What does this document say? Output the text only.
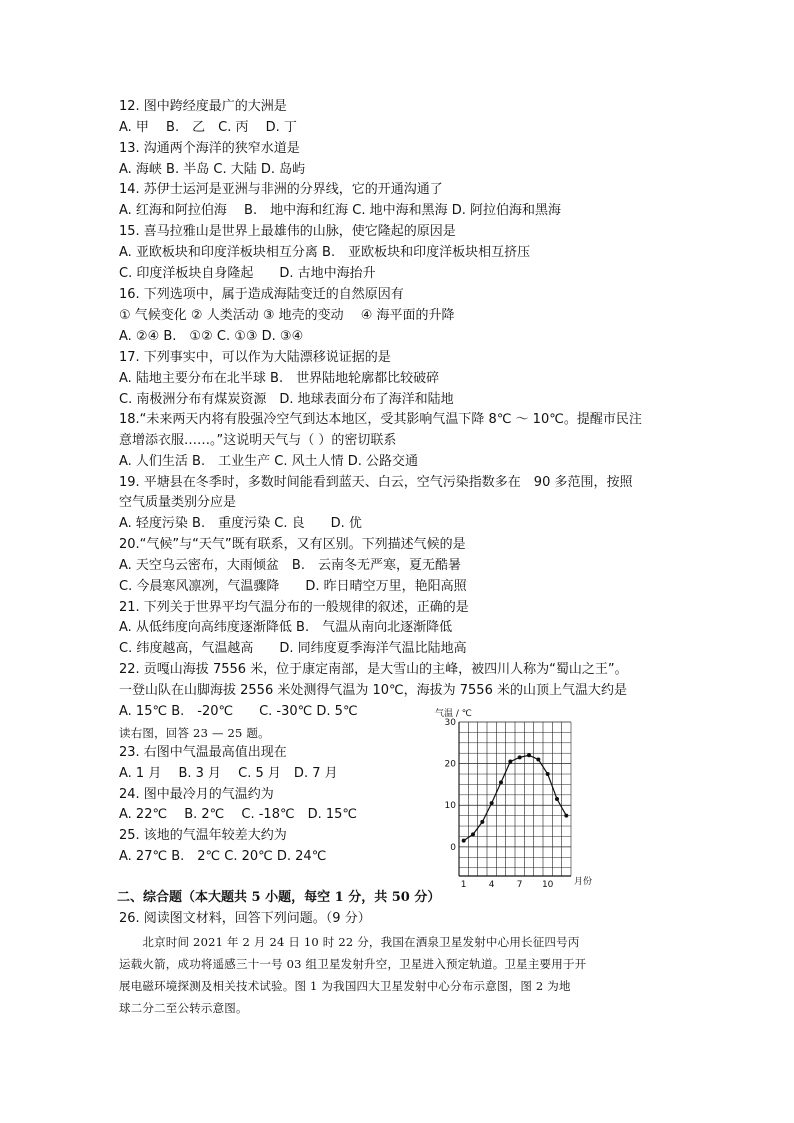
12. 图中跨经度最广的大洲是
A. 甲　 B.　乙　C. 丙　 D. 丁
13. 沟通两个海洋的狭窄水道是
A. 海峡 B. 半岛 C. 大陆 D. 岛屿
14. 苏伊士运河是亚洲与非洲的分界线，它的开通沟通了
A. 红海和阿拉伯海　 B.　地中海和红海 C. 地中海和黑海 D. 阿拉伯海和黑海
15. 喜马拉雅山是世界上最雄伟的山脉，使它隆起的原因是
A. 亚欧板块和印度洋板块相互分离 B.　亚欧板块和印度洋板块相互挤压
C. 印度洋板块自身隆起　　D. 古地中海抬升
16. 下列选项中，属于造成海陆变迁的自然原因有
① 气候变化 ② 人类活动 ③ 地壳的变动　 ④ 海平面的升降
A. ②④ B.　①② C. ①③ D. ③④
17. 下列事实中，可以作为大陆漂移说证据的是
A. 陆地主要分布在北半球 B.　世界陆地轮廓都比较破碎
C. 南极洲分布有煤炭资源　D. 地球表面分布了海洋和陆地
18.“未来两天内将有股强冷空气到达本地区，受其影响气温下降 8℃ ～ 10℃。提醒市民注
意增添衣服……。”这说明天气与（ ）的密切联系
A. 人们生活 B.　工业生产 C. 风土人情 D. 公路交通
19. 平塘县在冬季时，多数时间能看到蓝天、白云，空气污染指数多在　90 多范围，按照
空气质量类别分应是
A. 轻度污染 B.　重度污染 C. 良　　D. 优
20.“气候”与“天气”既有联系，又有区别。下列描述气候的是
A. 天空乌云密布，大雨倾盆　B.　云南冬无严寒，夏无酷暑
C. 今晨寒风凛冽，气温骤降　　D. 昨日晴空万里，艳阳高照
21. 下列关于世界平均气温分布的一般规律的叙述，正确的是
A. 从低纬度向高纬度逐渐降低 B.　气温从南向北逐渐降低
C. 纬度越高，气温越高　　D. 同纬度夏季海洋气温比陆地高
22. 贡嘎山海拔 7556 米，位于康定南部，是大雪山的主峰，被四川人称为“蜀山之王”。
一登山队在山脚海拔 2556 米处测得气温为 10℃，海拔为 7556 米的山顶上气温大约是
A. 15℃ B.　-20℃　　C. -30℃ D. 5℃
读右图，回答 23 — 25 题。
23. 右图中气温最高值出现在
A. 1 月　 B. 3 月　 C. 5 月　D. 7 月
24. 图中最冷月的气温约为
A. 22℃　 B. 2℃　 C. -18℃　D. 15℃
25. 该地的气温年较差大约为
A. 27℃ B.　2℃ C. 20℃ D. 24℃
二、综合题（本大题共 5 小题，每空 1 分，共 50 分）
26. 阅读图文材料，回答下列问题。（9 分）
　　北京时间 2021 年 2 月 24 日 10 时 22 分，我国在酒泉卫星发射中心用长征四号丙
运载火箭，成功将遥感三十一号 03 组卫星发射升空，卫星进入预定轨道。卫星主要用于开
展电磁环境探测及相关技术试验。图 1 为我国四大卫星发射中心分布示意图，图 2 为地
球二分二至公转示意图。
气温 / ℃
0
10
20
30
1 4 7 10 月份
